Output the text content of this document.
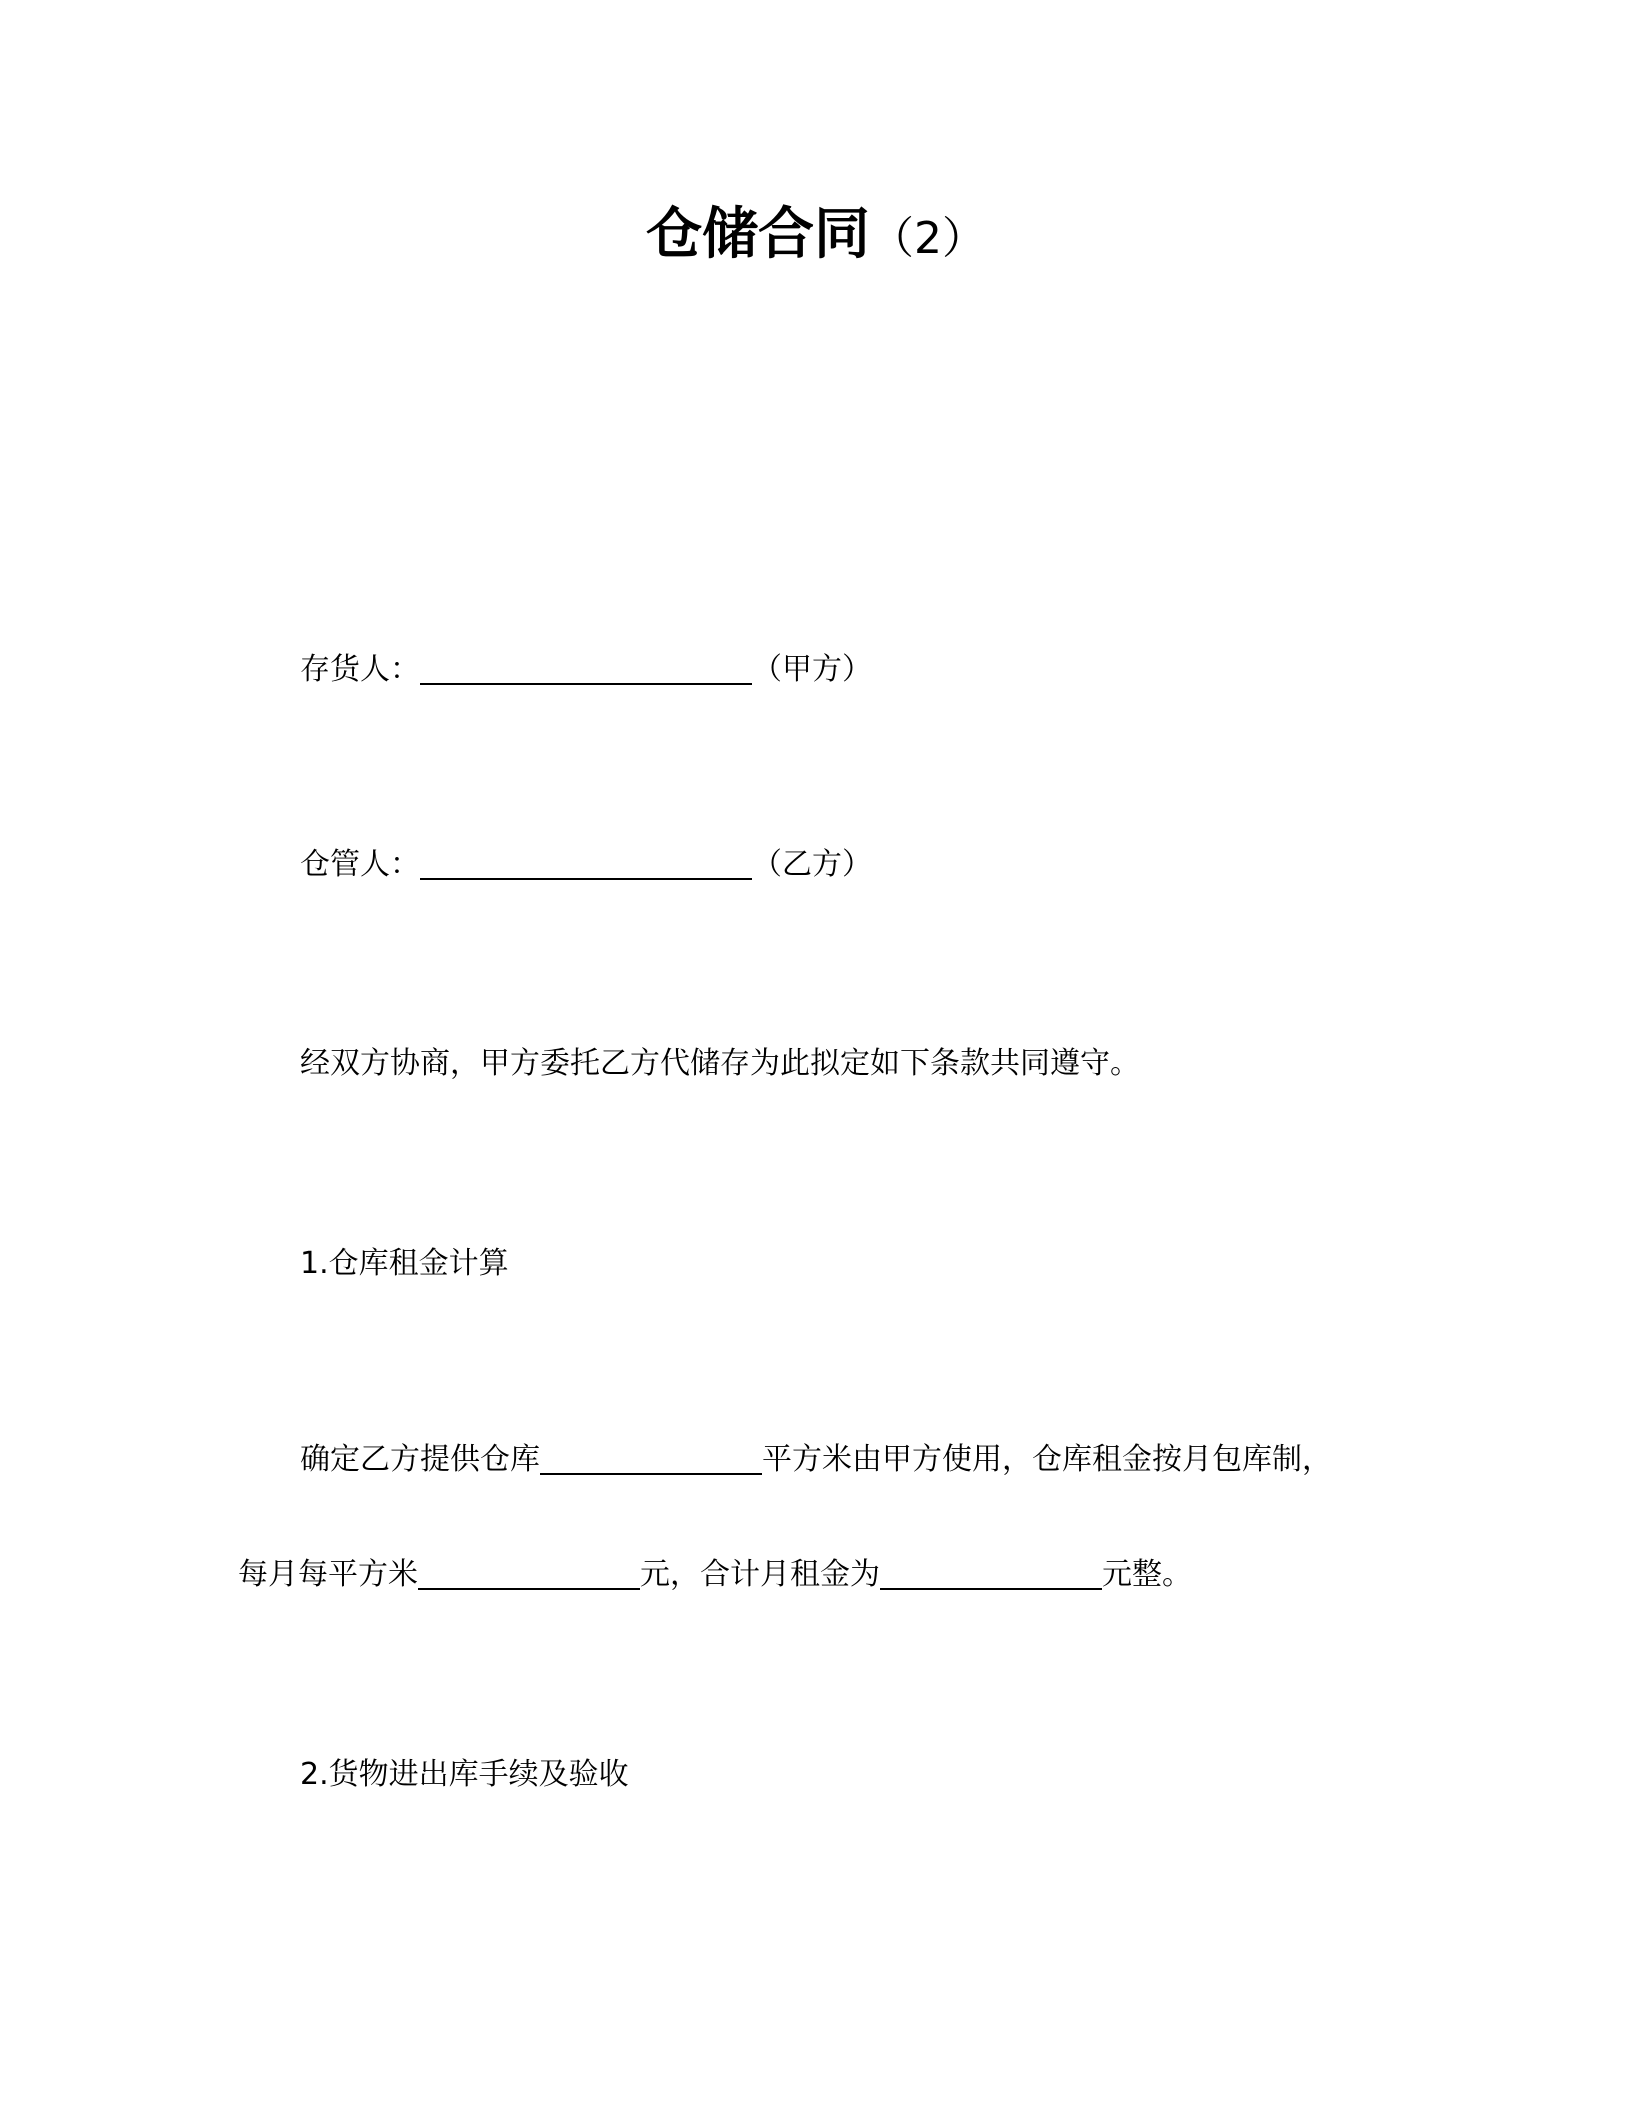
仓储合同（2）
存货人：	（甲方）
仓管人：	（乙方）
经双方协商，甲方委托乙方代储存为此拟定如下条款共同遵守。
1.仓库租金计算
确定乙方提供仓库	平方米由甲方使用，仓库租金按月包库制，
每月每平方米	元，合计月租金为	元整。
2.货物进出库手续及验收
